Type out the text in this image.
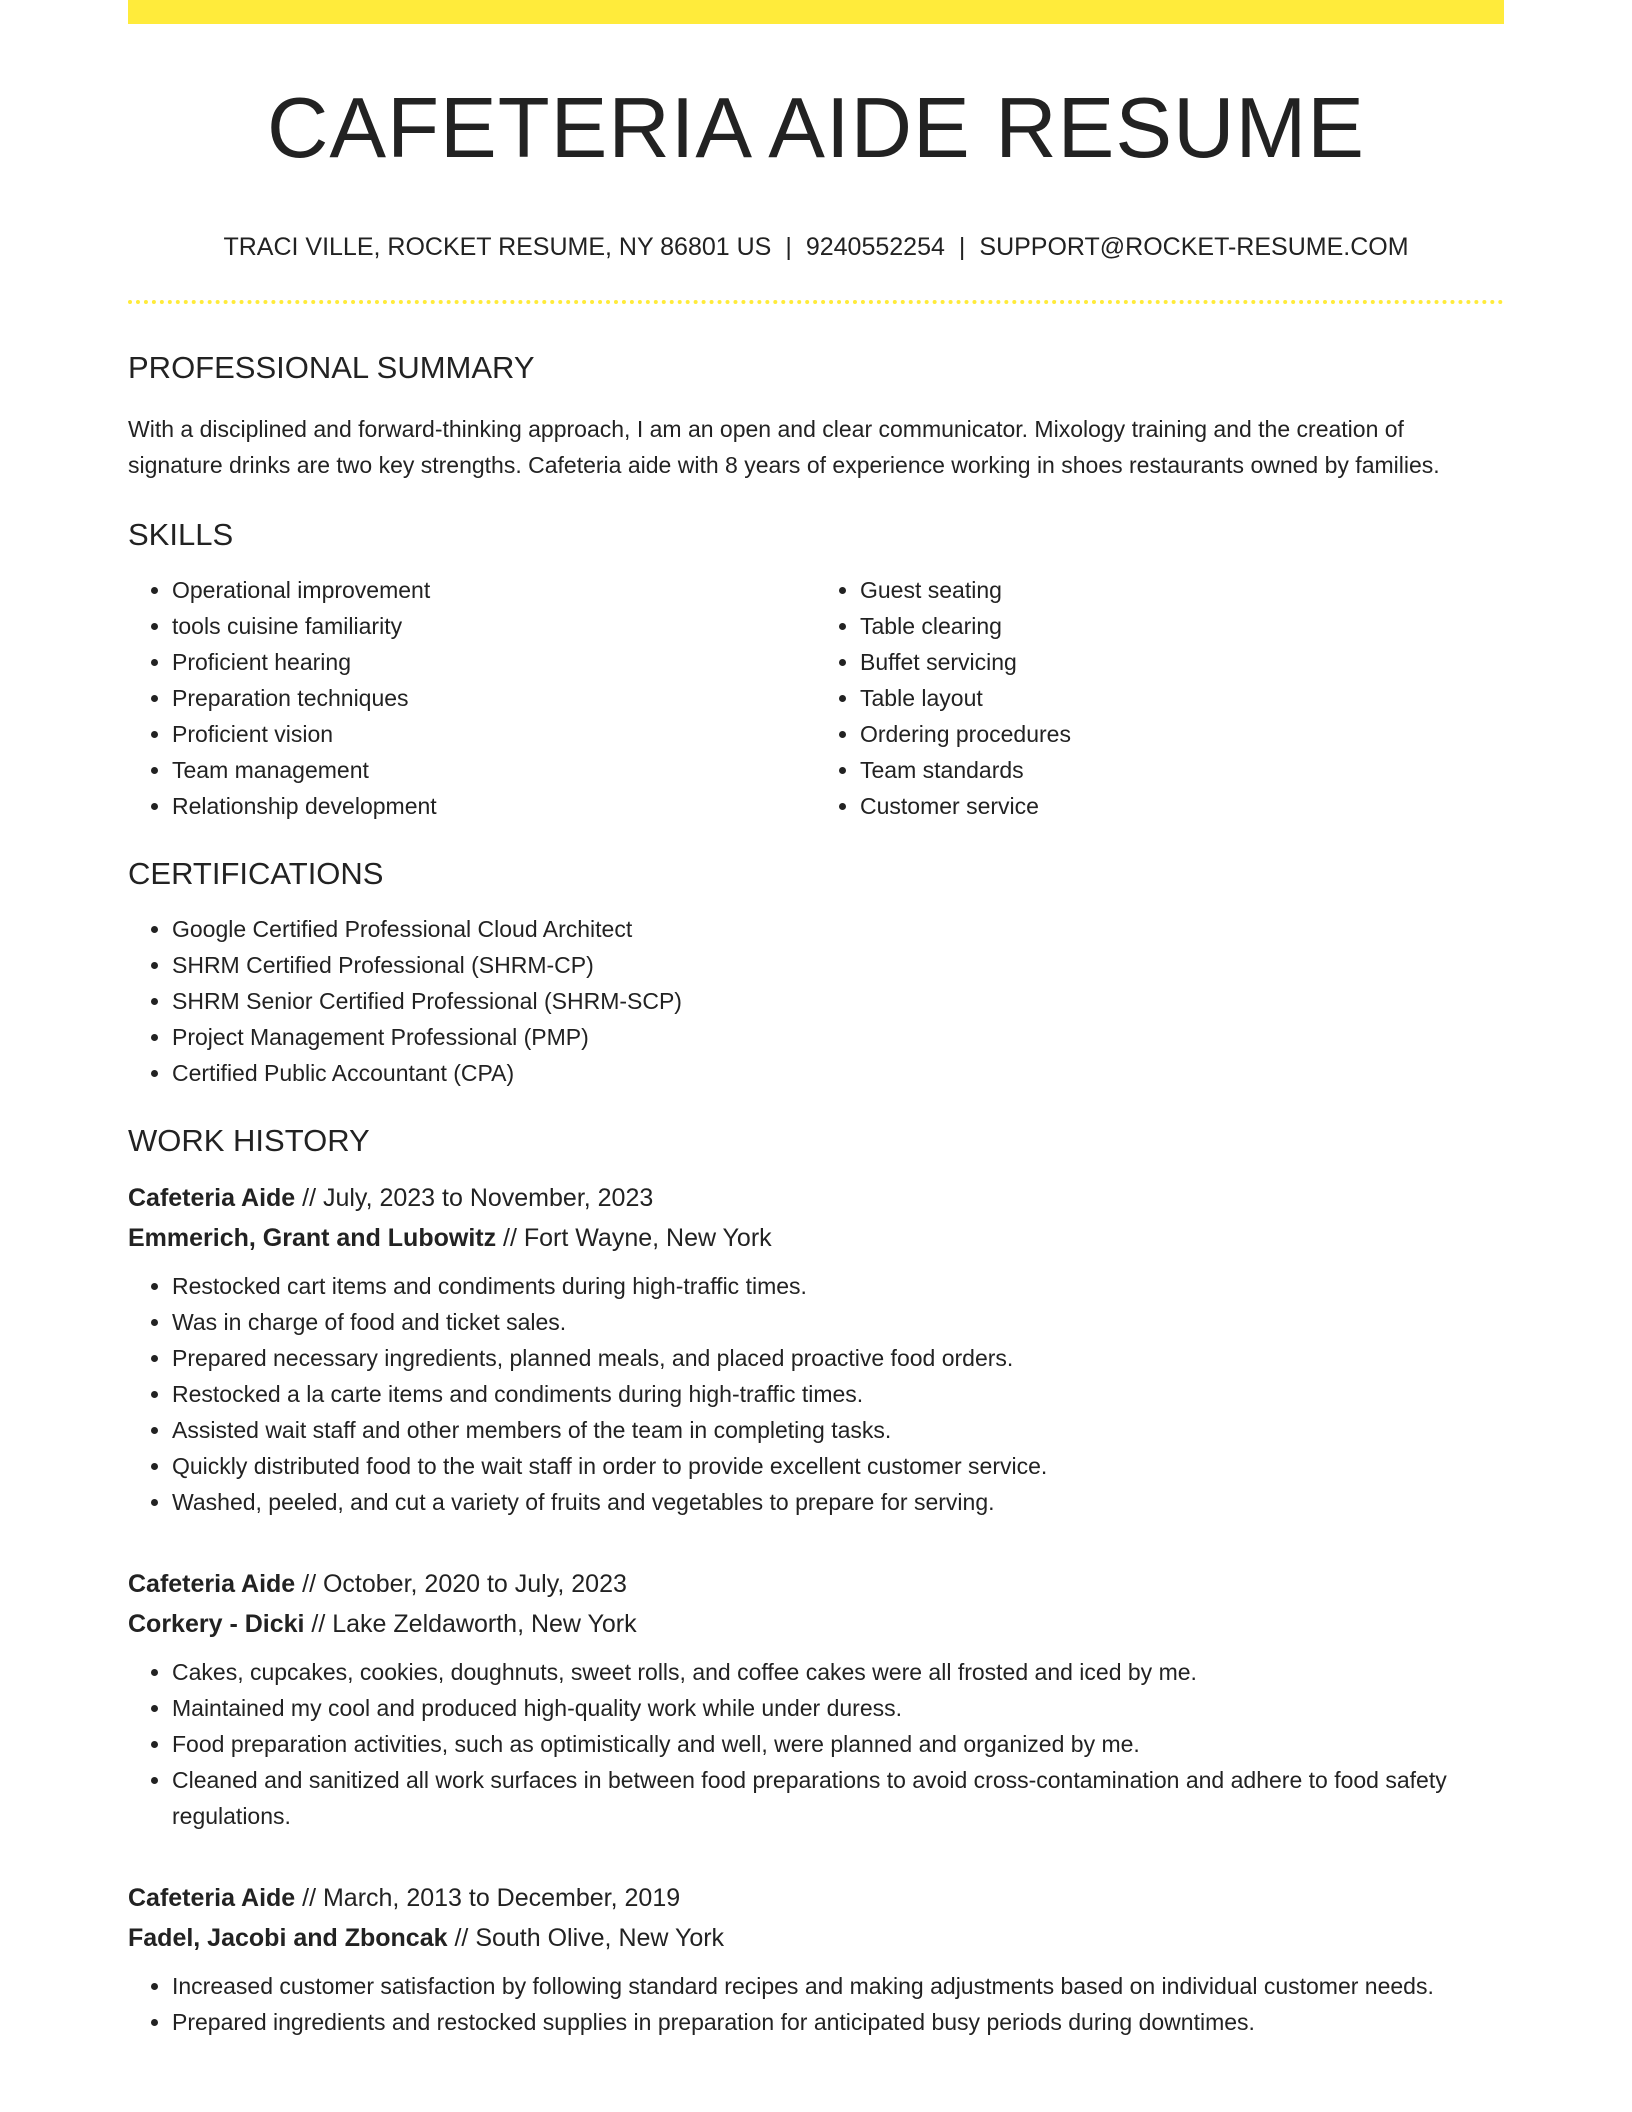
CAFETERIA AIDE RESUME
TRACI VILLE, ROCKET RESUME, NY 86801 US | 9240552254 | SUPPORT@ROCKET-RESUME.COM
PROFESSIONAL SUMMARY

With a disciplined and forward-thinking approach, I am an open and clear communicator. Mixology training and the creation of signature drinks are two key strengths. Cafeteria aide with 8 years of experience working in shoes restaurants owned by families.

SKILLS
• Operational improvement
• tools cuisine familiarity
• Proficient hearing
• Preparation techniques
• Proficient vision
• Team management
• Relationship development
• Guest seating
• Table clearing
• Buffet servicing
• Table layout
• Ordering procedures
• Team standards
• Customer service
CERTIFICATIONS
• Google Certified Professional Cloud Architect
• SHRM Certified Professional (SHRM-CP)
• SHRM Senior Certified Professional (SHRM-SCP)
• Project Management Professional (PMP)
• Certified Public Accountant (CPA)
WORK HISTORY
Cafeteria Aide // July, 2023 to November, 2023
Emmerich, Grant and Lubowitz // Fort Wayne, New York
• Restocked cart items and condiments during high-traffic times.
• Was in charge of food and ticket sales.
• Prepared necessary ingredients, planned meals, and placed proactive food orders.
• Restocked a la carte items and condiments during high-traffic times.
• Assisted wait staff and other members of the team in completing tasks.
• Quickly distributed food to the wait staff in order to provide excellent customer service.
• Washed, peeled, and cut a variety of fruits and vegetables to prepare for serving.
Cafeteria Aide // October, 2020 to July, 2023
Corkery - Dicki // Lake Zeldaworth, New York
• Cakes, cupcakes, cookies, doughnuts, sweet rolls, and coffee cakes were all frosted and iced by me.
• Maintained my cool and produced high-quality work while under duress.
• Food preparation activities, such as optimistically and well, were planned and organized by me.
• Cleaned and sanitized all work surfaces in between food preparations to avoid cross-contamination and adhere to food safety regulations.
Cafeteria Aide // March, 2013 to December, 2019
Fadel, Jacobi and Zboncak // South Olive, New York
• Increased customer satisfaction by following standard recipes and making adjustments based on individual customer needs.
• Prepared ingredients and restocked supplies in preparation for anticipated busy periods during downtimes.
